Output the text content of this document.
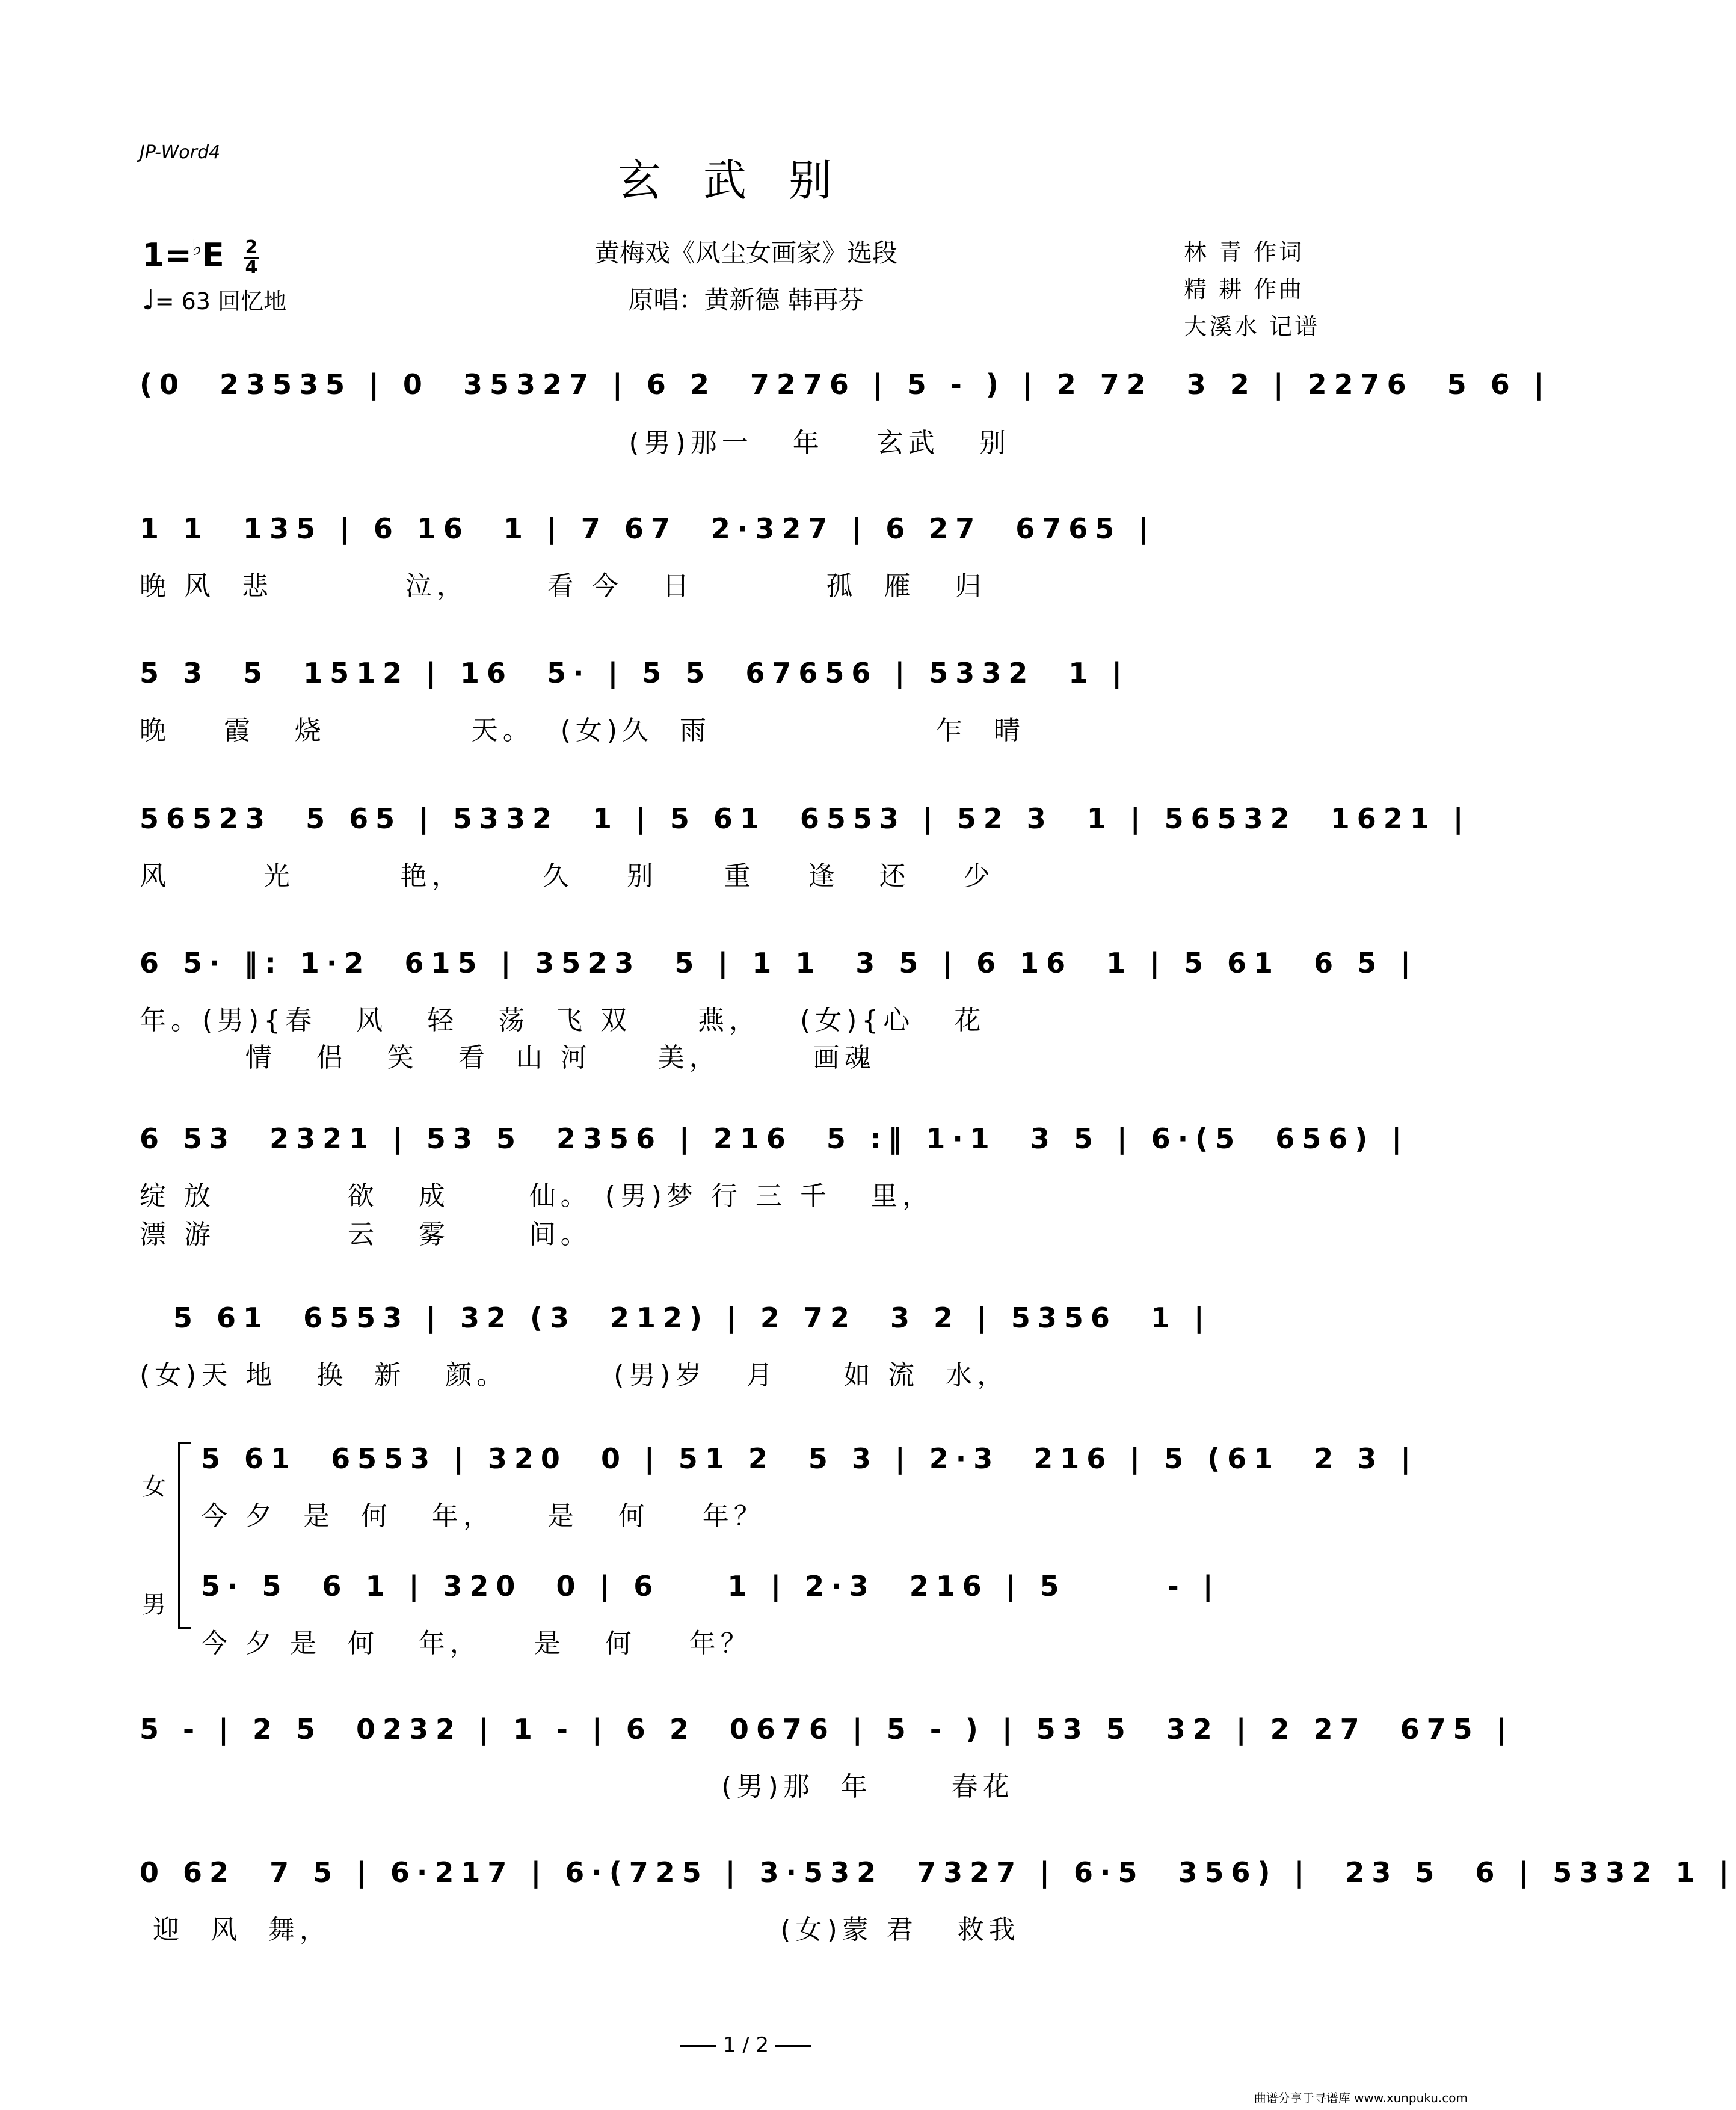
JP-Word4
玄武别
$1=^♭E \frac{2}{4}$
♩= 63 回忆地
黄梅戏《风尘女画家》选段
原唱：黄新德 韩再芬
林 青 作词
精 耕 作曲
大溪水 记谱
(0  23535 | 0  35327 | 6 2  7276 | 5 - ) | 2 72  3 2 | 2276  5 6 |
(男)那一   年    玄武   别
1 1  135 | 6 16  1 | 7 67  2·327 | 6 27  6765 |
晚 风  悲          泣，      看 今   日          孤  雁   归
5 3  5  1512 | 16  5· | 5 5  67656 | 5332  1 |
晚    霞   烧           天。  (女)久  雨                 乍  晴
56523  5 65 | 5332  1 | 5 61  6553 | 52 3  1 | 56532  1621 |
风       光        艳，      久    别     重    逢   还    少
6 5· ‖: 1·2  615 | 3523  5 | 1 1  3 5 | 6 16  1 | 5 61  6 5 |
年。(男){春   风   轻   荡  飞 双     燕，   (女){心   花
情   侣   笑   看  山 河     美，       画魂
6 53  2321 | 53 5  2356 | 216  5 :‖ 1·1  3 5 | 6·(5  656) |
绽 放          欲   成      仙。 (男)梦 行 三 千   里，
漂 游          云   雾      间。
5 61  6553 | 32 (3  212) | 2 72  3 2 | 5356  1 |
(女)天 地   换  新   颜。        (男)岁   月     如 流  水，
女
男
5 61  6553 | 320  0 | 51 2  5 3 | 2·3  216 | 5 (61  2 3 |
今 夕  是  何   年，    是   何    年？
5· 5  6 1 | 320  0 | 6    1 | 2·3  216 | 5      - |
今 夕 是  何   年，    是   何    年？
5 - | 2 5  0232 | 1 - | 6 2  0676 | 5 - ) | 53 5  32 | 2 27  675 |
(男)那  年      春花
0 62  7 5 | 6·217 | 6·(725 | 3·532  7327 | 6·5  356) |  23 5  6 | 5332 1 |
迎  风  舞，                                  (女)蒙 君   救我
1 / 2
曲谱分享于寻谱库 www.xunpuku.com
